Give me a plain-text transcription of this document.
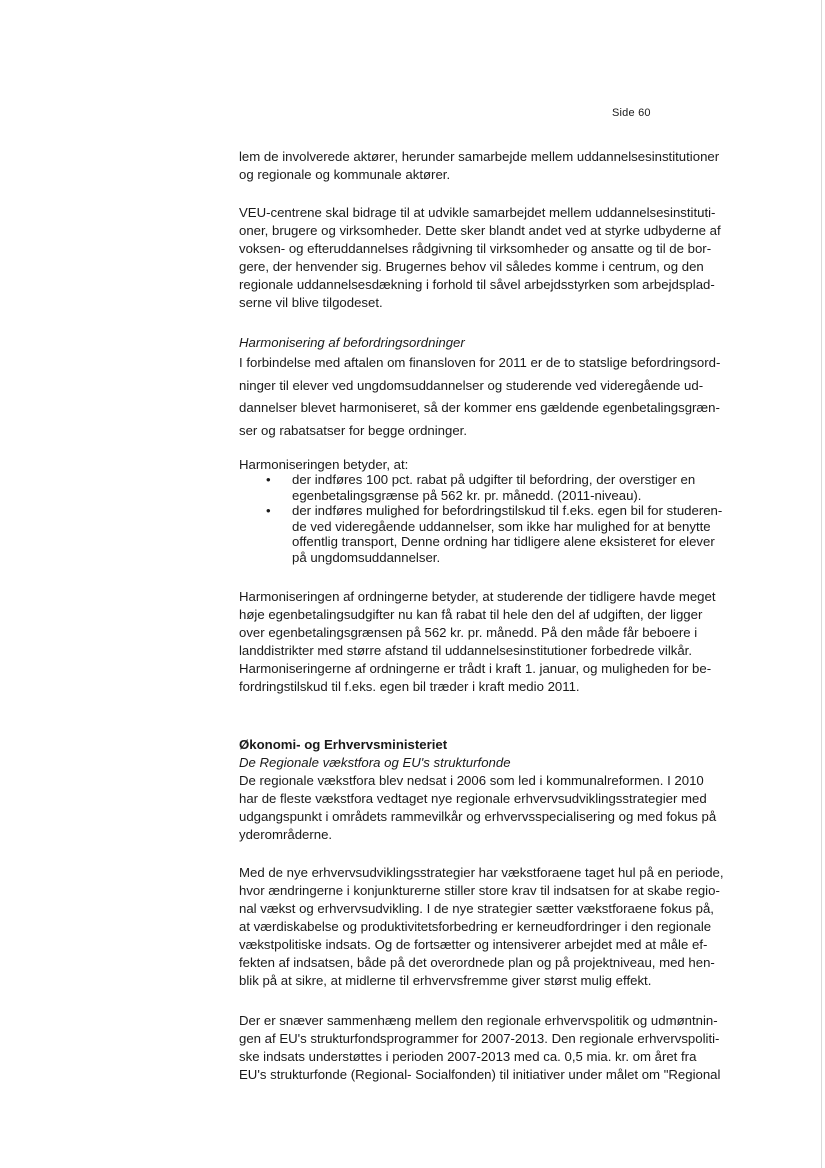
Side 60

lem de involverede aktører, herunder samarbejde mellem uddannelsesinstitutioner
og regionale og kommunale aktører.

VEU-centrene skal bidrage til at udvikle samarbejdet mellem uddannelsesinstituti-
oner, brugere og virksomheder. Dette sker blandt andet ved at styrke udbyderne af
voksen- og efteruddannelses rådgivning til virksomheder og ansatte og til de bor-
gere, der henvender sig. Brugernes behov vil således komme i centrum, og den
regionale uddannelsesdækning i forhold til såvel arbejdsstyrken som arbejdsplad-
serne vil blive tilgodeset.

Harmonisering af befordringsordninger

I forbindelse med aftalen om finansloven for 2011 er de to statslige befordringsord-
ninger til elever ved ungdomsuddannelser og studerende ved videregående ud-
dannelser blevet harmoniseret, så der kommer ens gældende egenbetalingsgræn-
ser og rabatsatser for begge ordninger.

Harmoniseringen betyder, at:
• der indføres 100 pct. rabat på udgifter til befordring, der overstiger en
egenbetalingsgrænse på 562 kr. pr. månedd. (2011-niveau).
• der indføres mulighed for befordringstilskud til f.eks. egen bil for studeren-
de ved videregående uddannelser, som ikke har mulighed for at benytte
offentlig transport, Denne ordning har tidligere alene eksisteret for elever
på ungdomsuddannelser.

Harmoniseringen af ordningerne betyder, at studerende der tidligere havde meget
høje egenbetalingsudgifter nu kan få rabat til hele den del af udgiften, der ligger
over egenbetalingsgrænsen på 562 kr. pr. månedd. På den måde får beboere i
landdistrikter med større afstand til uddannelsesinstitutioner forbedrede vilkår.
Harmoniseringerne af ordningerne er trådt i kraft 1. januar, og muligheden for be-
fordringstilskud til f.eks. egen bil træder i kraft medio 2011.

Økonomi- og Erhvervsministeriet
De Regionale vækstfora og EU's strukturfonde

De regionale vækstfora blev nedsat i 2006 som led i kommunalreformen. I 2010
har de fleste vækstfora vedtaget nye regionale erhvervsudviklingsstrategier med
udgangspunkt i områdets rammevilkår og erhvervsspecialisering og med fokus på
yderområderne.

Med de nye erhvervsudviklingsstrategier har vækstforaene taget hul på en periode,
hvor ændringerne i konjunkturerne stiller store krav til indsatsen for at skabe regio-
nal vækst og erhvervsudvikling. I de nye strategier sætter vækstforaene fokus på,
at værdiskabelse og produktivitetsforbedring er kerneudfordringer i den regionale
vækstpolitiske indsats. Og de fortsætter og intensiverer arbejdet med at måle ef-
fekten af indsatsen, både på det overordnede plan og på projektniveau, med hen-
blik på at sikre, at midlerne til erhvervsfremme giver størst mulig effekt.

Der er snæver sammenhæng mellem den regionale erhvervspolitik og udmøntnin-
gen af EU's strukturfondsprogrammer for 2007-2013. Den regionale erhvervspoliti-
ske indsats understøttes i perioden 2007-2013 med ca. 0,5 mia. kr. om året fra
EU's strukturfonde (Regional- Socialfonden) til initiativer under målet om "Regional
